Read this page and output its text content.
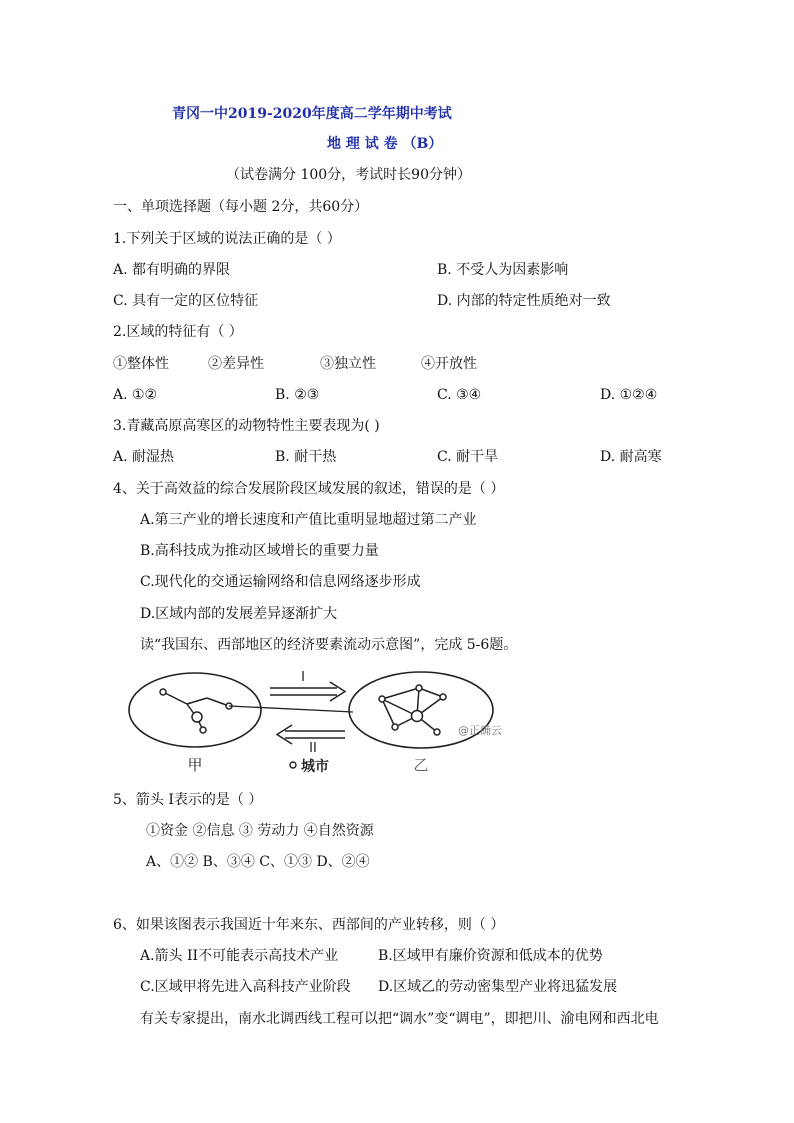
青冈一中2019-2020年度高二学年期中考试
地 理 试 卷 （B）
（试卷满分 100分，考试时长90分钟）
一、单项选择题（每小题 2分，共60分）
1.下列关于区域的说法正确的是（ ）
A. 都有明确的界限	B. 不受人为因素影响
C. 具有一定的区位特征	D. 内部的特定性质绝对一致
2.区域的特征有（ ）
①整体性	②差异性	③独立性	④开放性
A. ①②	B. ②③	C. ③④	D. ①②④
3.青藏高原高寒区的动物特性主要表现为( )
A. 耐湿热	B. 耐干热	C. 耐干旱	D. 耐高寒
4、关于高效益的综合发展阶段区域发展的叙述，错误的是（ ）
A.第三产业的增长速度和产值比重明显地超过第二产业
B.高科技成为推动区域增长的重要力量
C.现代化的交通运输网络和信息网络逐步形成
D.区域内部的发展差异逐渐扩大
读“我国东、西部地区的经济要素流动示意图”，完成 5-6题。
I
II
甲	城市	乙
@正确云
5、箭头 I表示的是（ ）
①资金 ②信息 ③ 劳动力 ④自然资源
A、①② B、③④ C、①③ D、②④
6、如果该图表示我国近十年来东、西部间的产业转移，则（ ）
A.箭头 II不可能表示高技术产业	B.区域甲有廉价资源和低成本的优势
C.区域甲将先进入高科技产业阶段 D.区域乙的劳动密集型产业将迅猛发展
有关专家提出，南水北调西线工程可以把“调水”变“调电”，即把川、渝电网和西北电
